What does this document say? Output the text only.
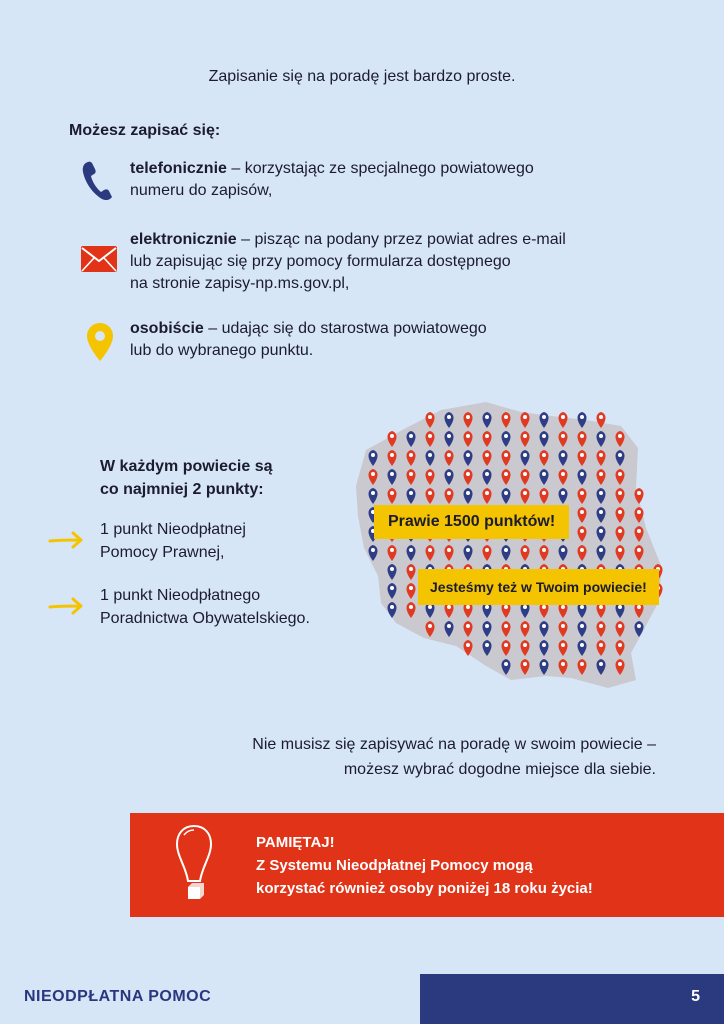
Zapisanie się na poradę jest bardzo proste.
Możesz zapisać się:
telefonicznie – korzystając ze specjalnego powiatowego
numeru do zapisów,
elektronicznie – pisząc na podany przez powiat adres e-mail
lub zapisując się przy pomocy formularza dostępnego
na stronie zapisy-np.ms.gov.pl,
osobiście – udając się do starostwa powiatowego
lub do wybranego punktu.
W każdym powiecie są
co najmniej 2 punkty:
1 punkt Nieodpłatnej
Pomocy Prawnej,
1 punkt Nieodpłatnego
Poradnictwa Obywatelskiego.
Prawie 1500 punktów!
Jesteśmy też w Twoim powiecie!
Nie musisz się zapisywać na poradę w swoim powiecie –
możesz wybrać dogodne miejsce dla siebie.
PAMIĘTAJ!
Z Systemu Nieodpłatnej Pomocy mogą
korzystać również osoby poniżej 18 roku życia!
NIEODPŁATNA POMOC	5
